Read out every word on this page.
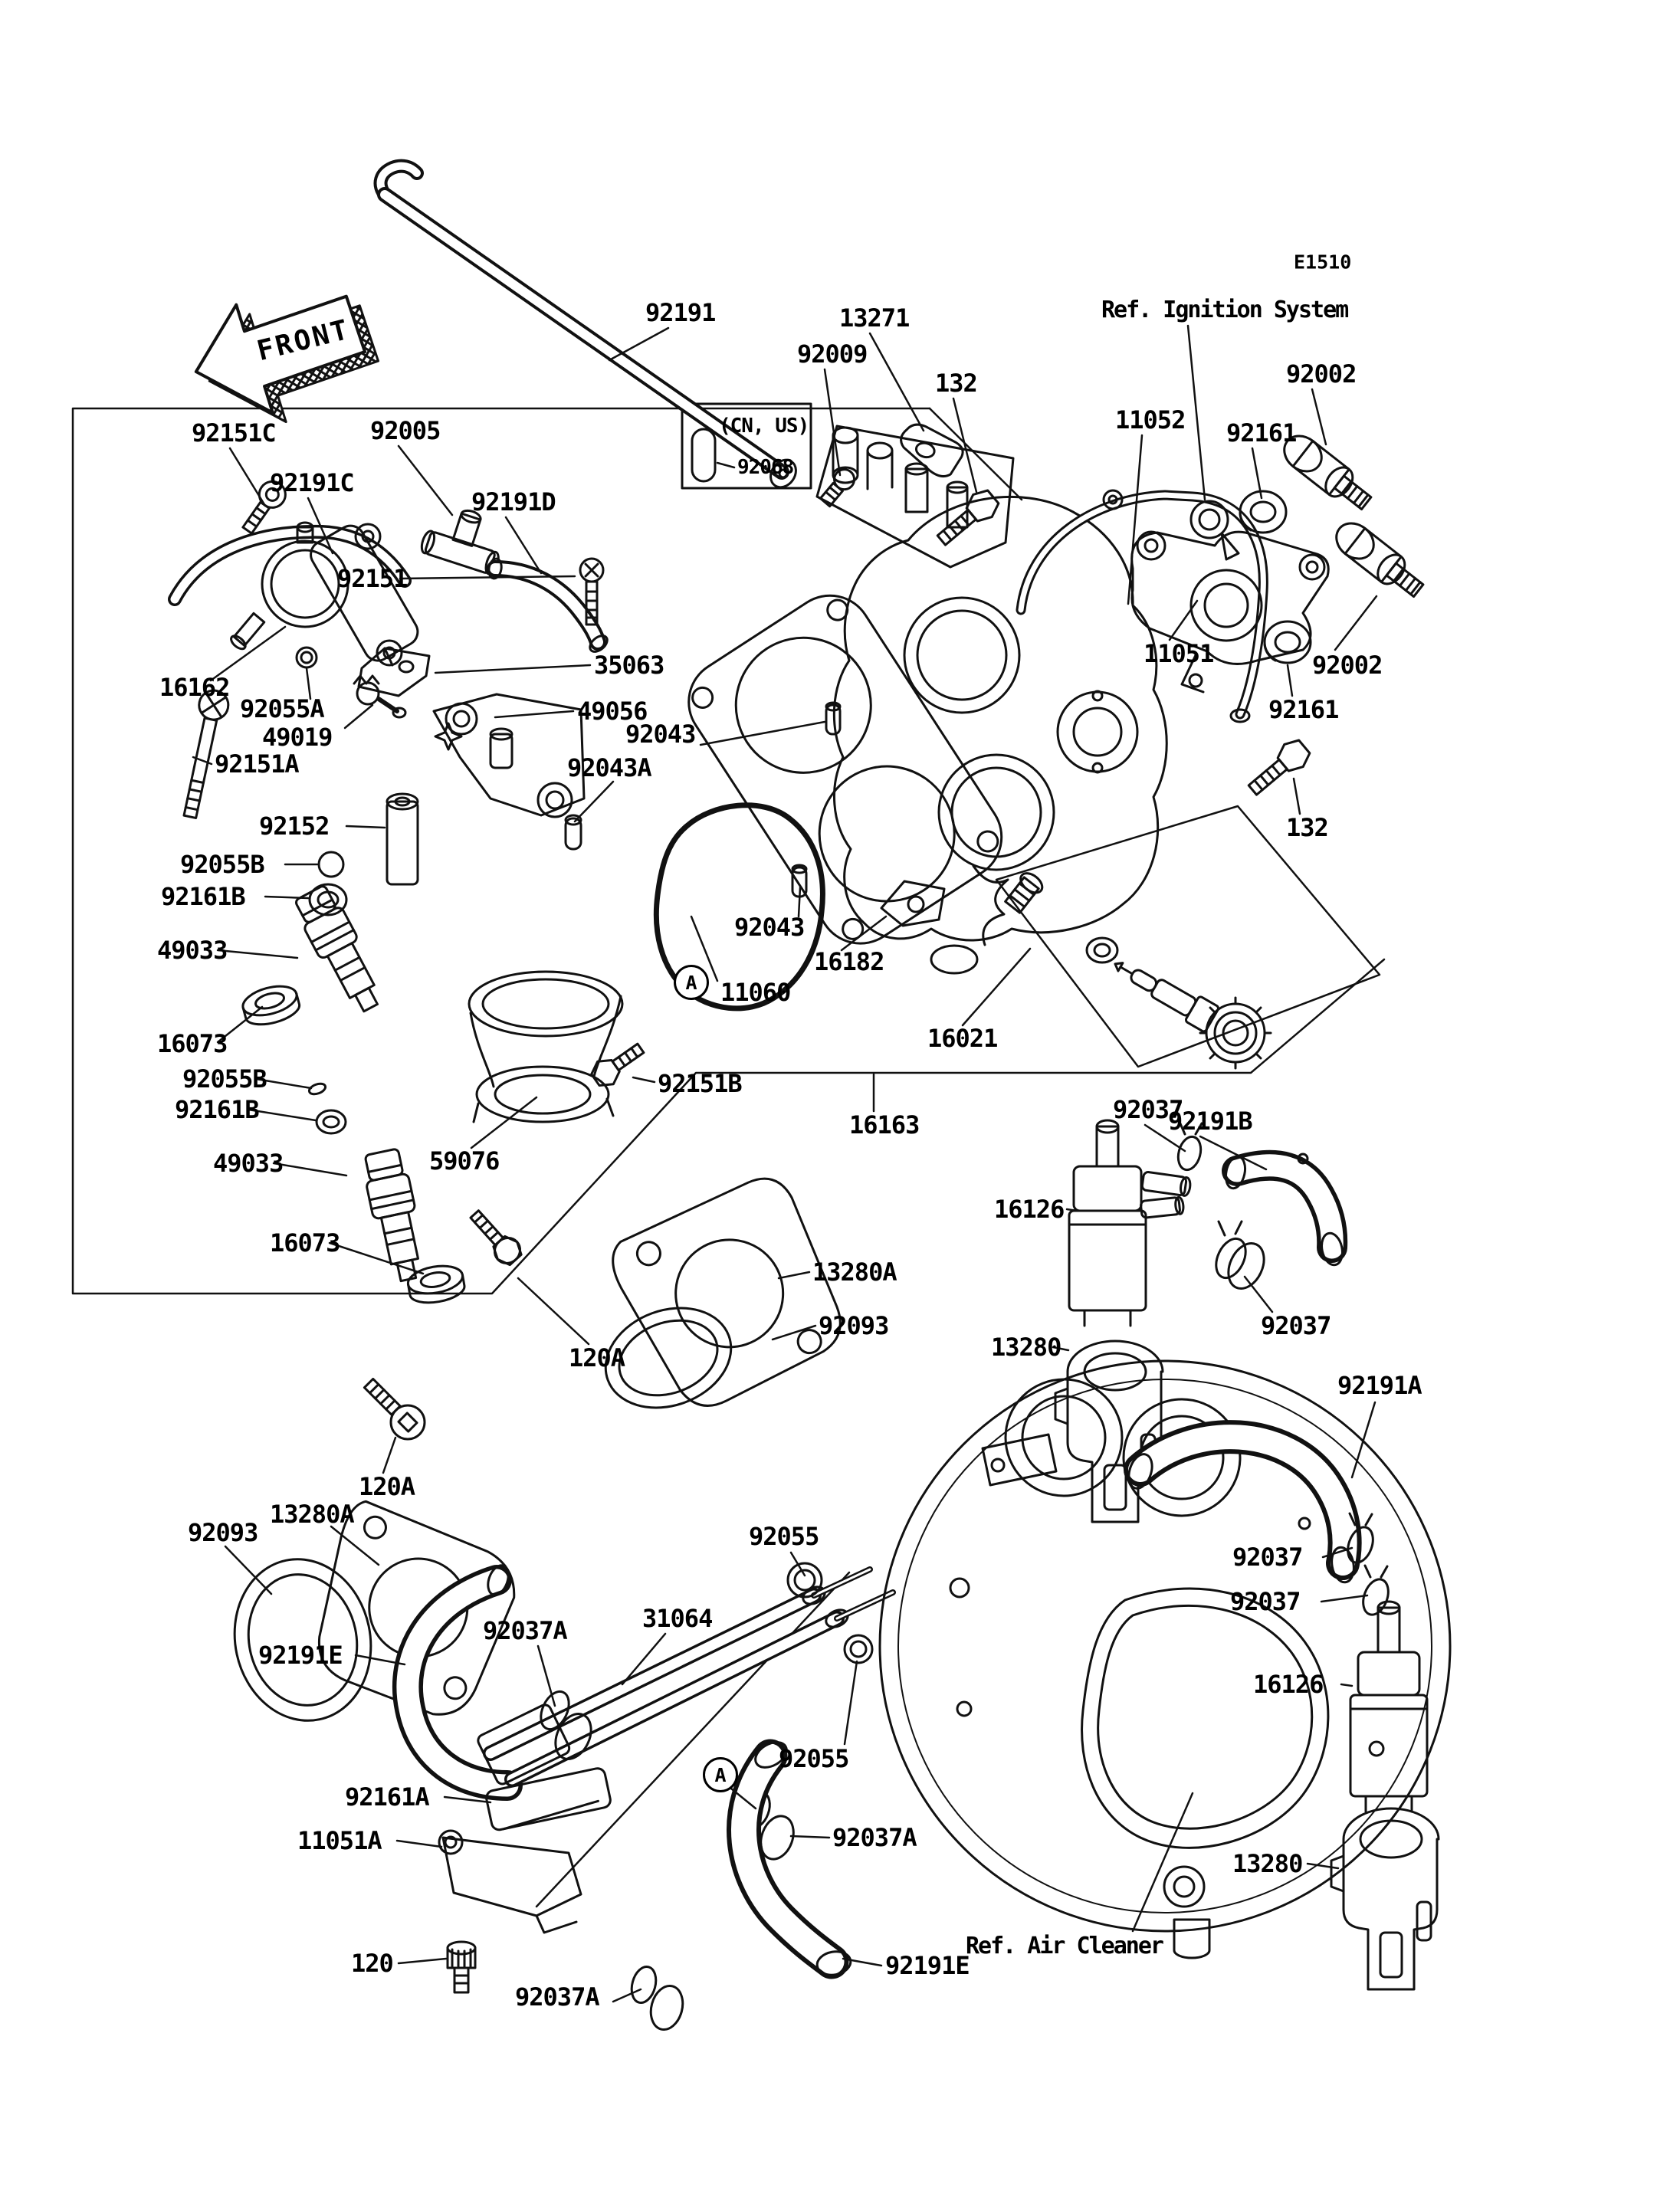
FRONT
E1510
92191	13271
92009
Ref. Ignition System
132
11052 92161
92002
92151C	92005
92191C
92191D
92151
35063
16162
92055A
49019
49056
92043
92043A
92151A
92152
92055B
92161B
49033
16073
92055B
92161B
49033
16073
59076
92151B
11051	92002
92161
132
92043
16182
11060
16021
16163
92037
92191B
16126
92037
13280
92191A
92037
92037
16126
13280
Ref. Air Cleaner
13280A
92093
120A
120A
13280A
92093
92037A
92191E
31064
92055
92055
92037A
92161A
11051A
120
92037A
92191E
(CN, US)
92068
A
A
